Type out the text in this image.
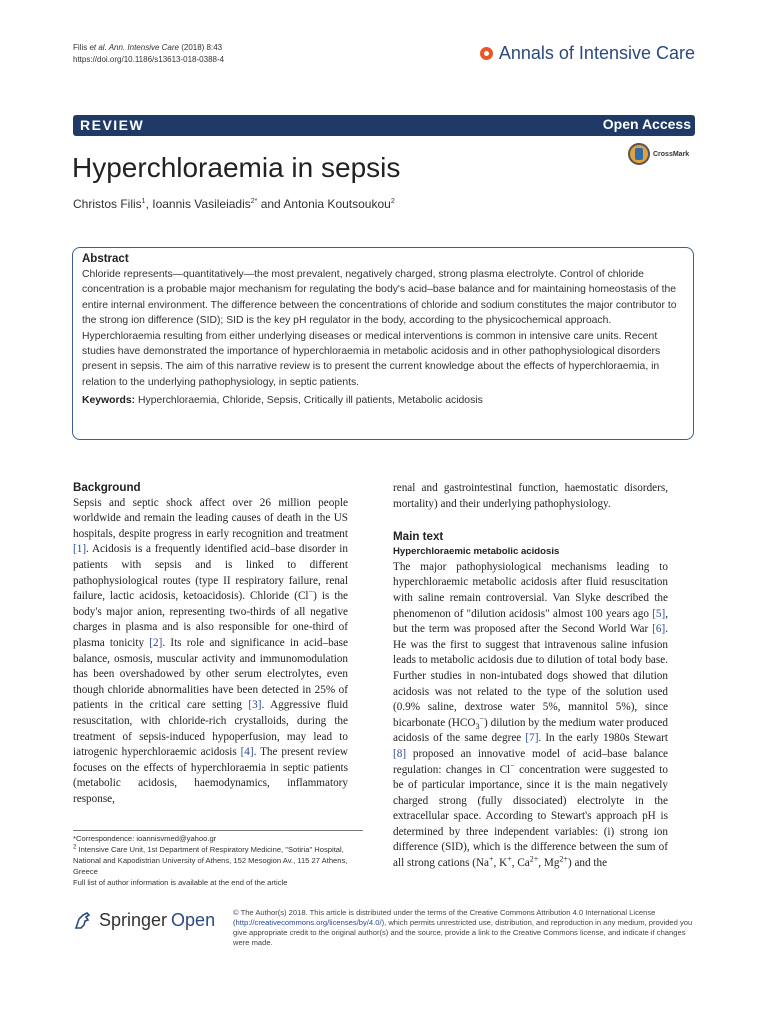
Filis et al. Ann. Intensive Care (2018) 8:43
https://doi.org/10.1186/s13613-018-0388-4	Annals of Intensive Care
REVIEW	Open Access
Hyperchloraemia in sepsis	CrossMark
Christos Filis$^1$, Ioannis Vasileiadis$^{2*}$ and Antonia Koutsoukou$^2$
Abstract

Chloride represents—quantitatively—the most prevalent, negatively charged, strong plasma electrolyte. Control of chloride concentration is a probable major mechanism for regulating the body's acid–base balance and for maintaining homeostasis of the entire internal environment. The difference between the concentrations of chloride and sodium constitutes the major contributor to the strong ion difference (SID); SID is the key pH regulator in the body, according to the physicochemical approach. Hyperchloraemia resulting from either underlying diseases or medical interventions is common in intensive care units. Recent studies have demonstrated the importance of hyperchloraemia in metabolic acidosis and in other pathophysiological disorders present in sepsis. The aim of this narrative review is to present the current knowledge about the effects of hyperchloraemia, in relation to the underlying pathophysiology, in septic patients.

Keywords: Hyperchloraemia, Chloride, Sepsis, Critically ill patients, Metabolic acidosis

Background

Sepsis and septic shock affect over 26 million people worldwide and remain the leading causes of death in the US hospitals, despite progress in early recognition and treatment [1]. Acidosis is a frequently identified acid–base disorder in patients with sepsis and is linked to different pathophysiological routes (type II respiratory failure, renal failure, lactic acidosis, ketoacidosis). Chloride (Cl−) is the body's major anion, representing two-thirds of all negative charges in plasma and is also responsible for one-third of plasma tonicity [2]. Its role and significance in acid–base balance, osmosis, muscular activity and immunomodulation has been overshadowed by other serum electrolytes, even though chloride abnormalities have been detected in 25% of patients in the critical care setting [3]. Aggressive fluid resuscitation, with chloride-rich crystalloids, during the treatment of sepsis-induced hypoperfusion, may lead to iatrogenic hyperchloraemic acidosis [4]. The present review focuses on the effects of hyperchloraemia in septic patients (metabolic acidosis, haemodynamics, inflammatory response,

renal and gastrointestinal function, haemostatic disorders, mortality) and their underlying pathophysiology.

Main text
Hyperchloraemic metabolic acidosis

The major pathophysiological mechanisms leading to hyperchloraemic metabolic acidosis after fluid resuscitation with saline remain controversial. Van Slyke described the phenomenon of "dilution acidosis" almost 100 years ago [5], but the term was proposed after the Second World War [6]. He was the first to suggest that intravenous saline infusion leads to metabolic acidosis due to dilution of total body base. Further studies in non-intubated dogs showed that dilution acidosis was not related to the type of the solution used (0.9% saline, dextrose water 5%, mannitol 5%), since bicarbonate $(HCO_3^-)$ dilution by the medium water produced acidosis of the same degree [7]. In the early 1980s Stewart [8] proposed an innovative model of acid–base balance regulation: changes in Cl− concentration were suggested to be of particular importance, since it is the main negatively charged strong (fully dissociated) electrolyte in the extracellular space. According to Stewart's approach pH is determined by three independent variables: (i) strong ion difference (SID), which is the difference between the sum of all strong cations (Na+, K+, $Ca^{2+}$, $Mg^{2+}$) and the

*Correspondence: ioannisvmed@yahoo.gr
$^2$ Intensive Care Unit, 1st Department of Respiratory Medicine, "Sotiria" Hospital, National and Kapodistrian University of Athens, 152 Mesogion Av., 115 27 Athens, Greece
Full list of author information is available at the end of the article
Springer Open © The Author(s) 2018. This article is distributed under the terms of the Creative Commons Attribution 4.0 International License (http://creativecommons.org/licenses/by/4.0/), which permits unrestricted use, distribution, and reproduction in any medium, provided you give appropriate credit to the original author(s) and the source, provide a link to the Creative Commons license, and indicate if changes were made.
